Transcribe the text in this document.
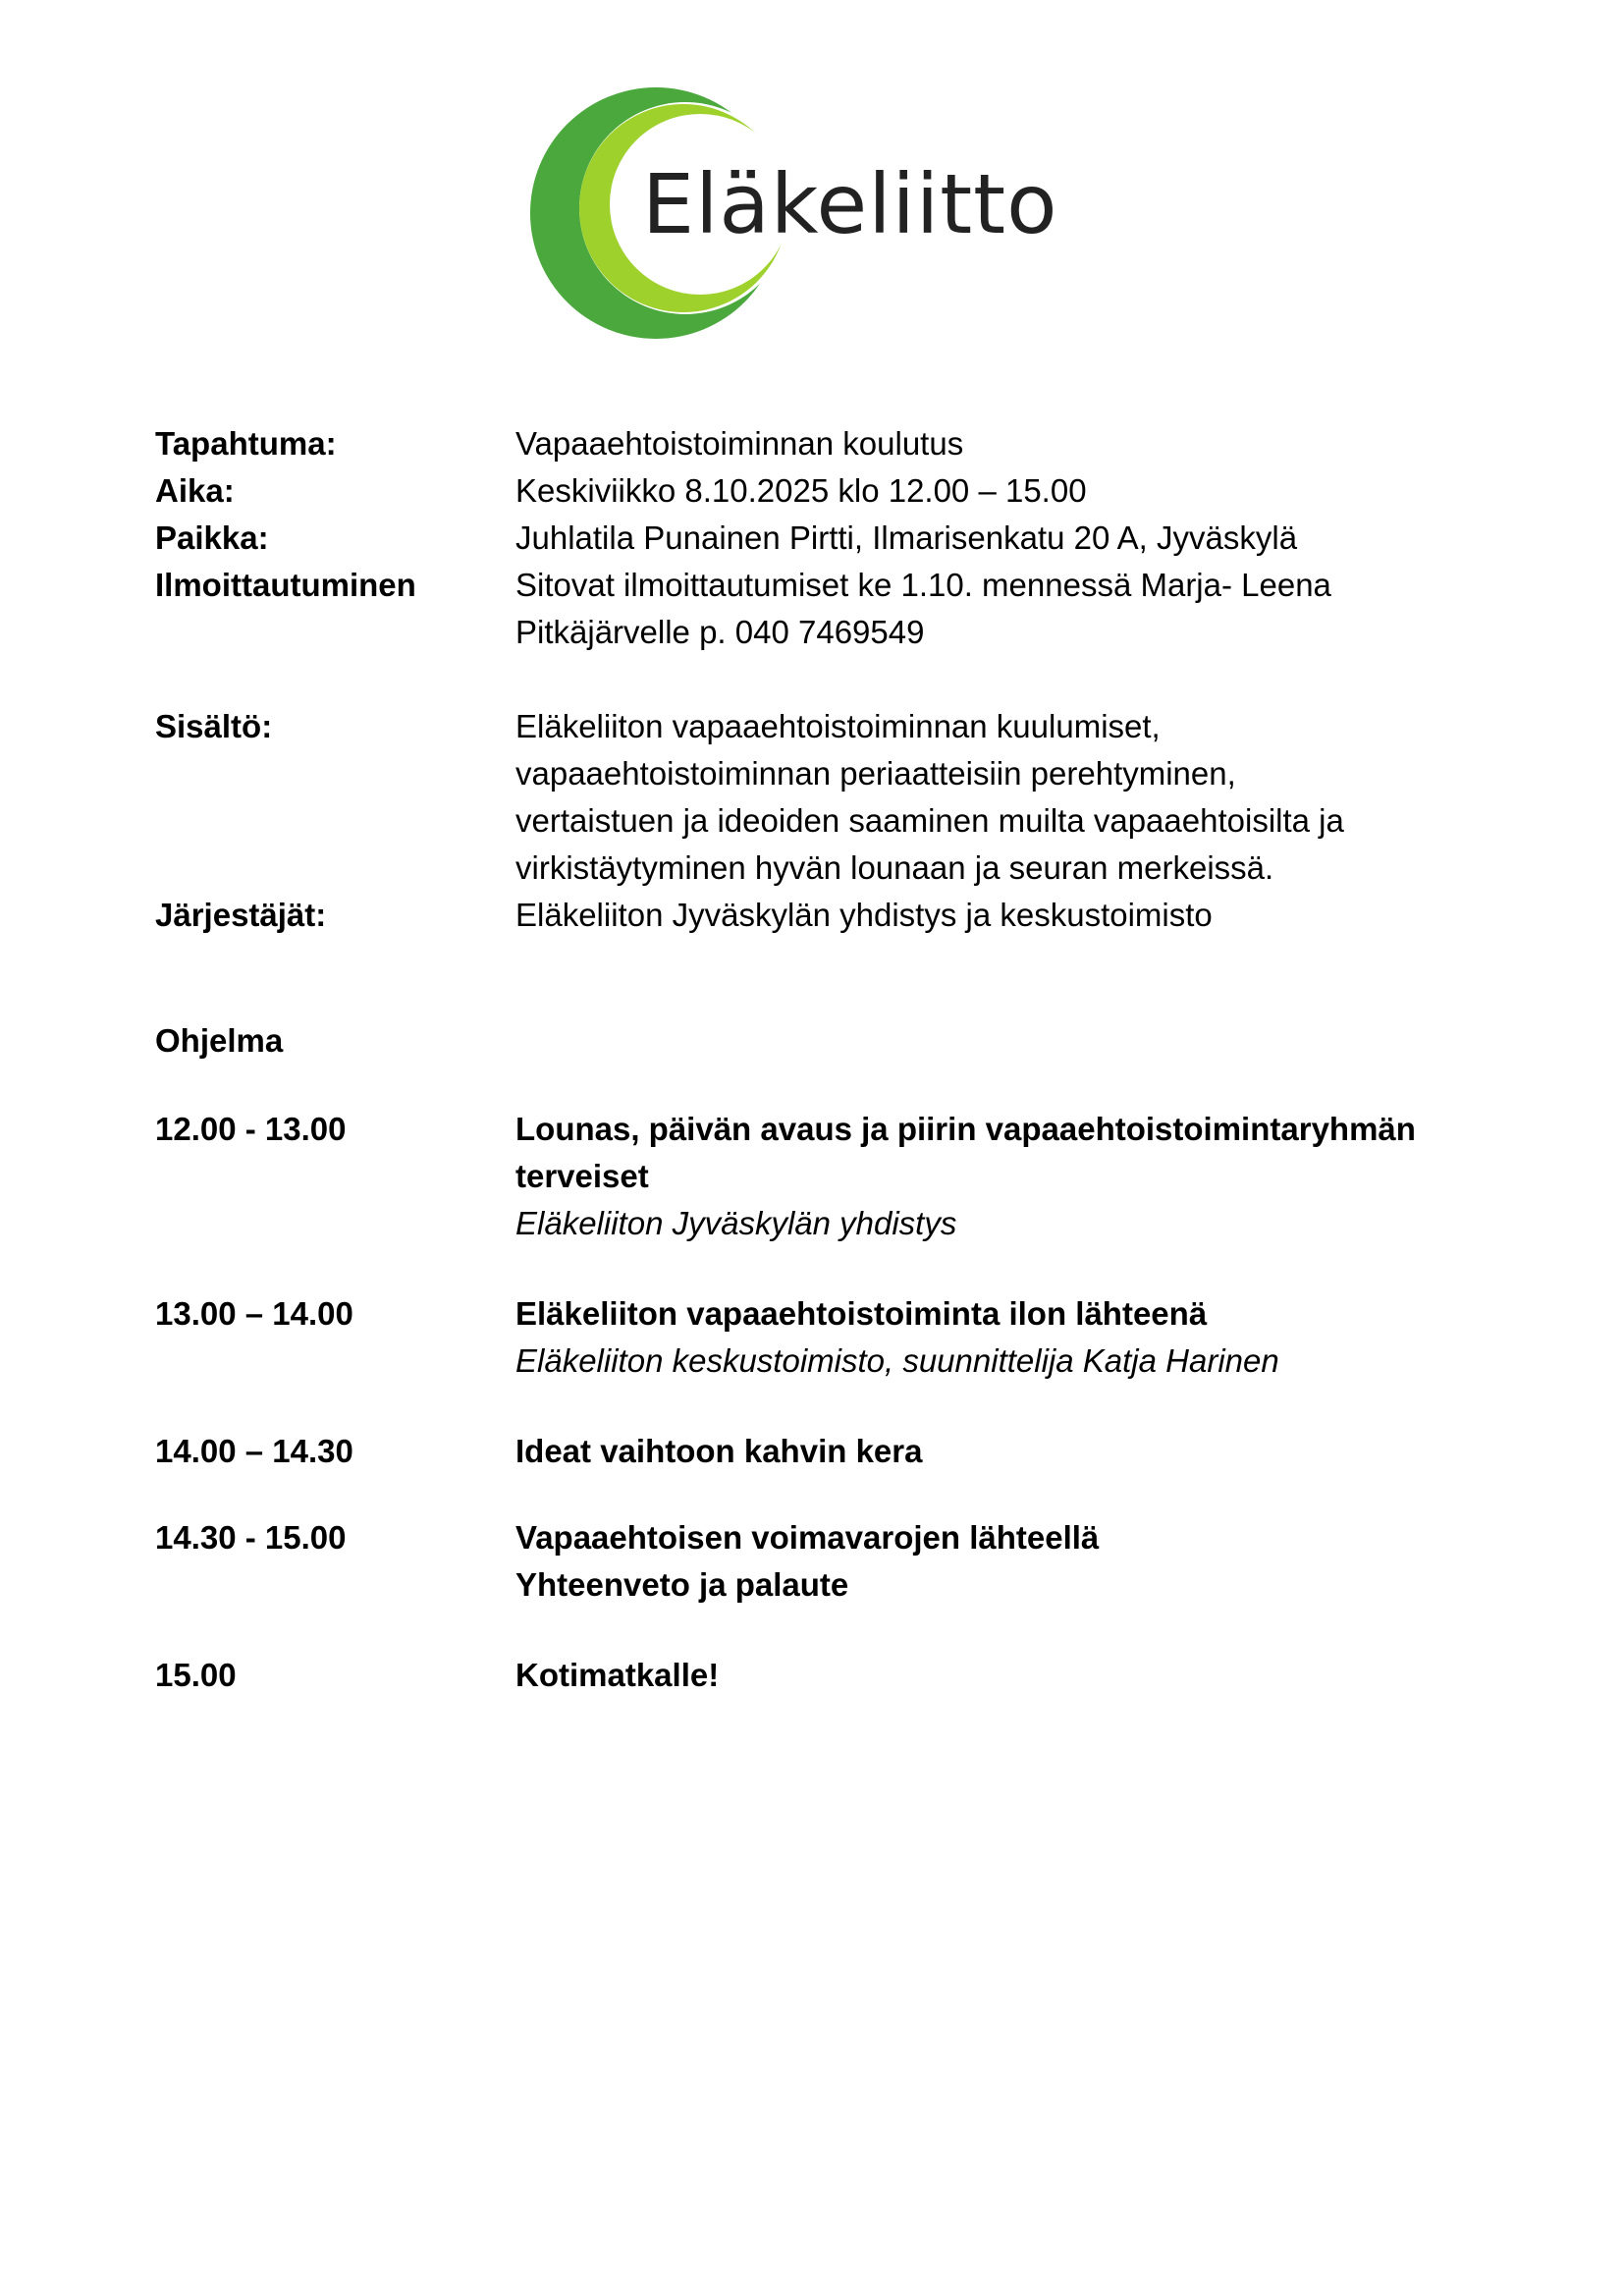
Eläkeliitto
Tapahtuma:	Vapaaehtoistoiminnan koulutus
Aika:	Keskiviikko 8.10.2025 klo 12.00 – 15.00
Paikka:	Juhlatila Punainen Pirtti, Ilmarisenkatu 20 A, Jyväskylä
Ilmoittautuminen	Sitovat ilmoittautumiset ke 1.10. mennessä Marja- Leena
Pitkäjärvelle p. 040 7469549
Sisältö:	Eläkeliiton vapaaehtoistoiminnan kuulumiset,
vapaaehtoistoiminnan periaatteisiin perehtyminen,
vertaistuen ja ideoiden saaminen muilta vapaaehtoisilta ja
virkistäytyminen hyvän lounaan ja seuran merkeissä.
Järjestäjät:	Eläkeliiton Jyväskylän yhdistys ja keskustoimisto
Ohjelma
12.00 - 13.00	Lounas, päivän avaus ja piirin vapaaehtoistoimintaryhmän
terveiset
Eläkeliiton Jyväskylän yhdistys
13.00 – 14.00	Eläkeliiton vapaaehtoistoiminta ilon lähteenä
Eläkeliiton keskustoimisto, suunnittelija Katja Harinen
14.00 – 14.30	Ideat vaihtoon kahvin kera
14.30 - 15.00	Vapaaehtoisen voimavarojen lähteellä
Yhteenveto ja palaute
15.00	Kotimatkalle!
